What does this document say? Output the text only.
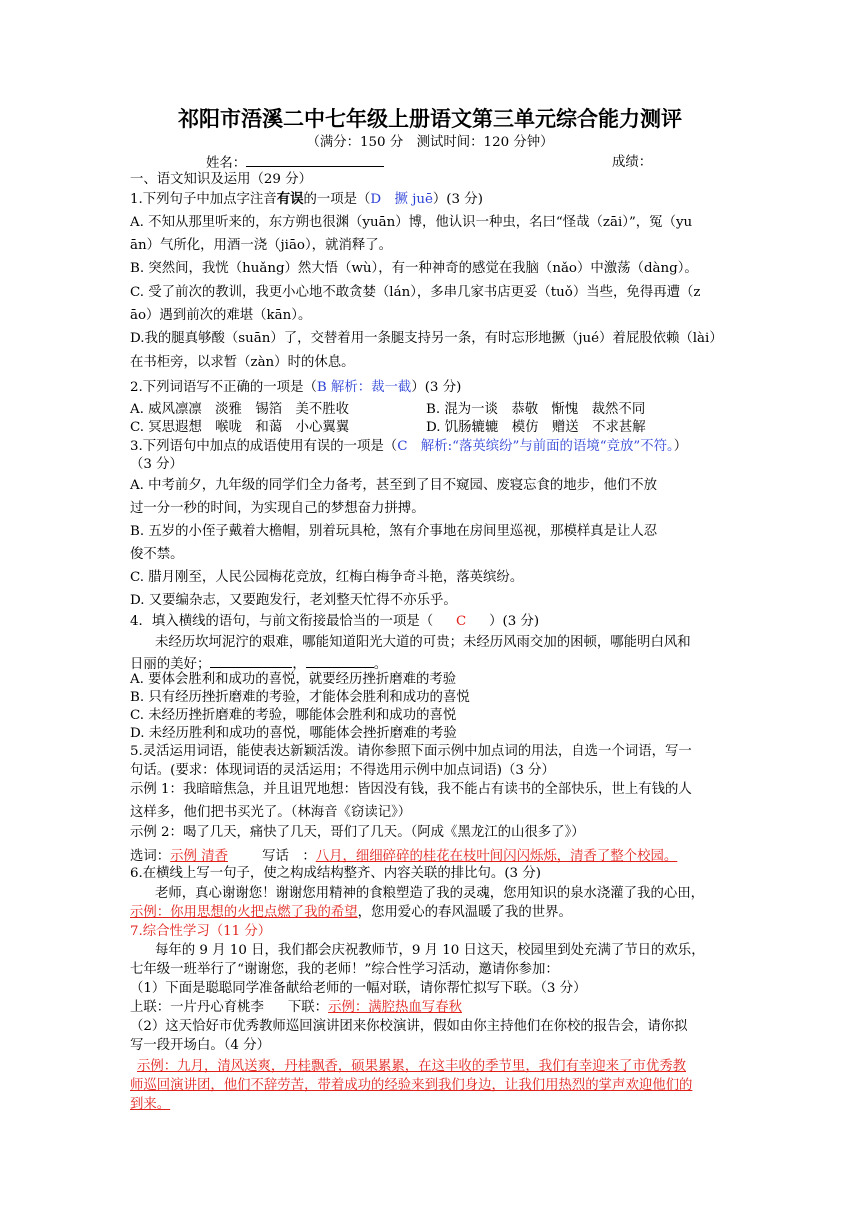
祁阳市浯溪二中七年级上册语文第三单元综合能力测评
（满分：150 分　测试时间：120 分钟）
姓名：	成绩：
一、语文知识及运用（29 分）
1.下列句子中加点字注音有误的一项是（D　撅 juē）(3 分)
A. 不知从那里听来的，东方朔也很渊（yuān）博，他认识一种虫，名曰“怪哉（zāi）”，冤（yu
ān）气所化，用酒一浇（jiāo），就消释了。
B. 突然间，我恍（huǎng）然大悟（wù），有一种神奇的感觉在我脑（nǎo）中激荡（dàng）。
C. 受了前次的教训，我更小心地不敢贪婪（lán），多串几家书店更妥（tuǒ）当些，免得再遭（z
āo）遇到前次的难堪（kān）。
D.我的腿真够酸（suān）了，交替着用一条腿支持另一条，有时忘形地撅（jué）着屁股依赖（lài）
在书柜旁，以求暂（zàn）时的休息。
2.下列词语写不正确的一项是（B 解析：裁一截）(3 分)
A. 威风凛凛　淡雅　锡箔　美不胜收	B. 混为一谈　恭敬　惭愧　裁然不同
C. 冥思遐想　喉咙　和蔼　小心翼翼	D. 饥肠辘辘　模仿　赠送　不求甚解
3.下列语句中加点的成语使用有误的一项是（C　解析:“落英缤纷”与前面的语境“竞放”不符。）
（3 分）
A. 中考前夕，九年级的同学们全力备考，甚至到了目不窥园、废寝忘食的地步，他们不放
过一分一秒的时间，为实现自己的梦想奋力拼搏。
B. 五岁的小侄子戴着大檐帽，别着玩具枪，煞有介事地在房间里巡视，那模样真是让人忍
俊不禁。
C. 腊月刚至，人民公园梅花竞放，红梅白梅争奇斗艳，落英缤纷。
D. 又要编杂志，又要跑发行，老刘整天忙得不亦乐乎。
4．填入横线的语句，与前文衔接最恰当的一项是（ C ）(3 分)
未经历坎坷泥泞的艰难，哪能知道阳光大道的可贵；未经历风雨交加的困顿，哪能明白风和
日丽的美好；	，	。
A. 要体会胜利和成功的喜悦，就要经历挫折磨难的考验
B. 只有经历挫折磨难的考验，才能体会胜利和成功的喜悦
C. 未经历挫折磨难的考验，哪能体会胜利和成功的喜悦
D. 未经历胜利和成功的喜悦，哪能体会挫折磨难的考验
5.灵活运用词语，能使表达新颖活泼。请你参照下面示例中加点词的用法，自选一个词语，写一
句话。(要求：体现词语的灵活运用；不得选用示例中加点词语)（3 分）
示例 1：我暗暗焦急，并且诅咒地想：皆因没有钱，我不能占有读书的全部快乐，世上有钱的人
这样多，他们把书买光了。（林海音《窃读记》）
示例 2：喝了几天，痛快了几天，哥们了几天。（阿成《黑龙江的山很多了》）
选词：示例 清香	写话　：八月，细细碎碎的桂花在枝叶间闪闪烁烁，清香了整个校园。
6.在横线上写一句子，使之构成结构整齐、内容关联的排比句。(3 分)
老师，真心谢谢您！谢谢您用精神的食粮塑造了我的灵魂，您用知识的泉水浇灌了我的心田，
示例：你用思想的火把点燃了我的希望，您用爱心的春风温暖了我的世界。
7.综合性学习（11 分）
每年的 9 月 10 日，我们都会庆祝教师节，9 月 10 日这天，校园里到处充满了节日的欢乐，
七年级一班举行了“谢谢您，我的老师！”综合性学习活动，邀请你参加：
（1）下面是聪聪同学准备献给老师的一幅对联，请你帮忙拟写下联。（3 分）
上联：一片丹心育桃李 下联：示例：满腔热血写春秋
（2）这天恰好市优秀教师巡回演讲团来你校演讲，假如由你主持他们在你校的报告会，请你拟
写一段开场白。（4 分）
示例：九月，清风送爽，丹桂飘香，硕果累累，在这丰收的季节里，我们有幸迎来了市优秀教
师巡回演讲团，他们不辞劳苦，带着成功的经验来到我们身边，让我们用热烈的掌声欢迎他们的
到来。
